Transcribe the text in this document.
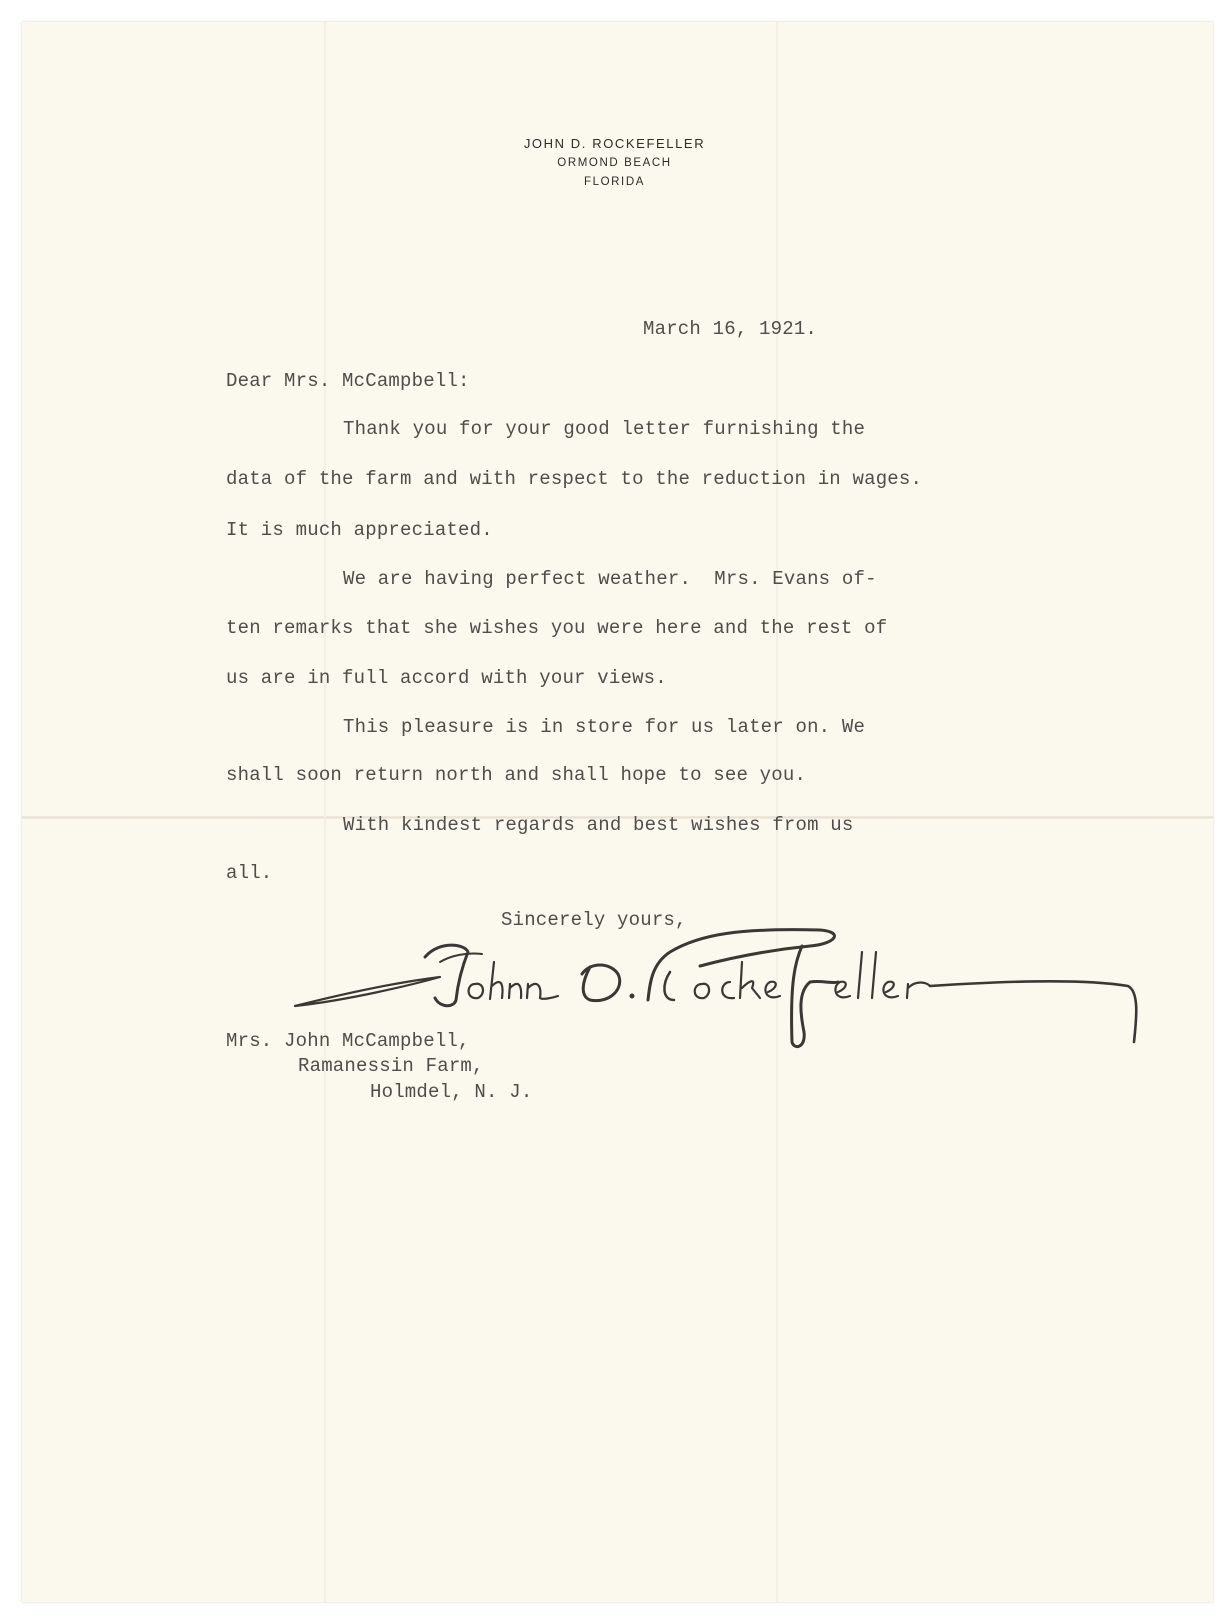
JOHN D. ROCKEFELLER
ORMOND BEACH
FLORIDA
March 16, 1921.
Dear Mrs. McCampbell:
Thank you for your good letter furnishing the
data of the farm and with respect to the reduction in wages.
It is much appreciated.
We are having perfect weather.  Mrs. Evans of-
ten remarks that she wishes you were here and the rest of
us are in full accord with your views.
This pleasure is in store for us later on. We
shall soon return north and shall hope to see you.
With kindest regards and best wishes from us
all.
Sincerely yours,
Mrs. John McCampbell,
Ramanessin Farm,
Holmdel, N. J.
